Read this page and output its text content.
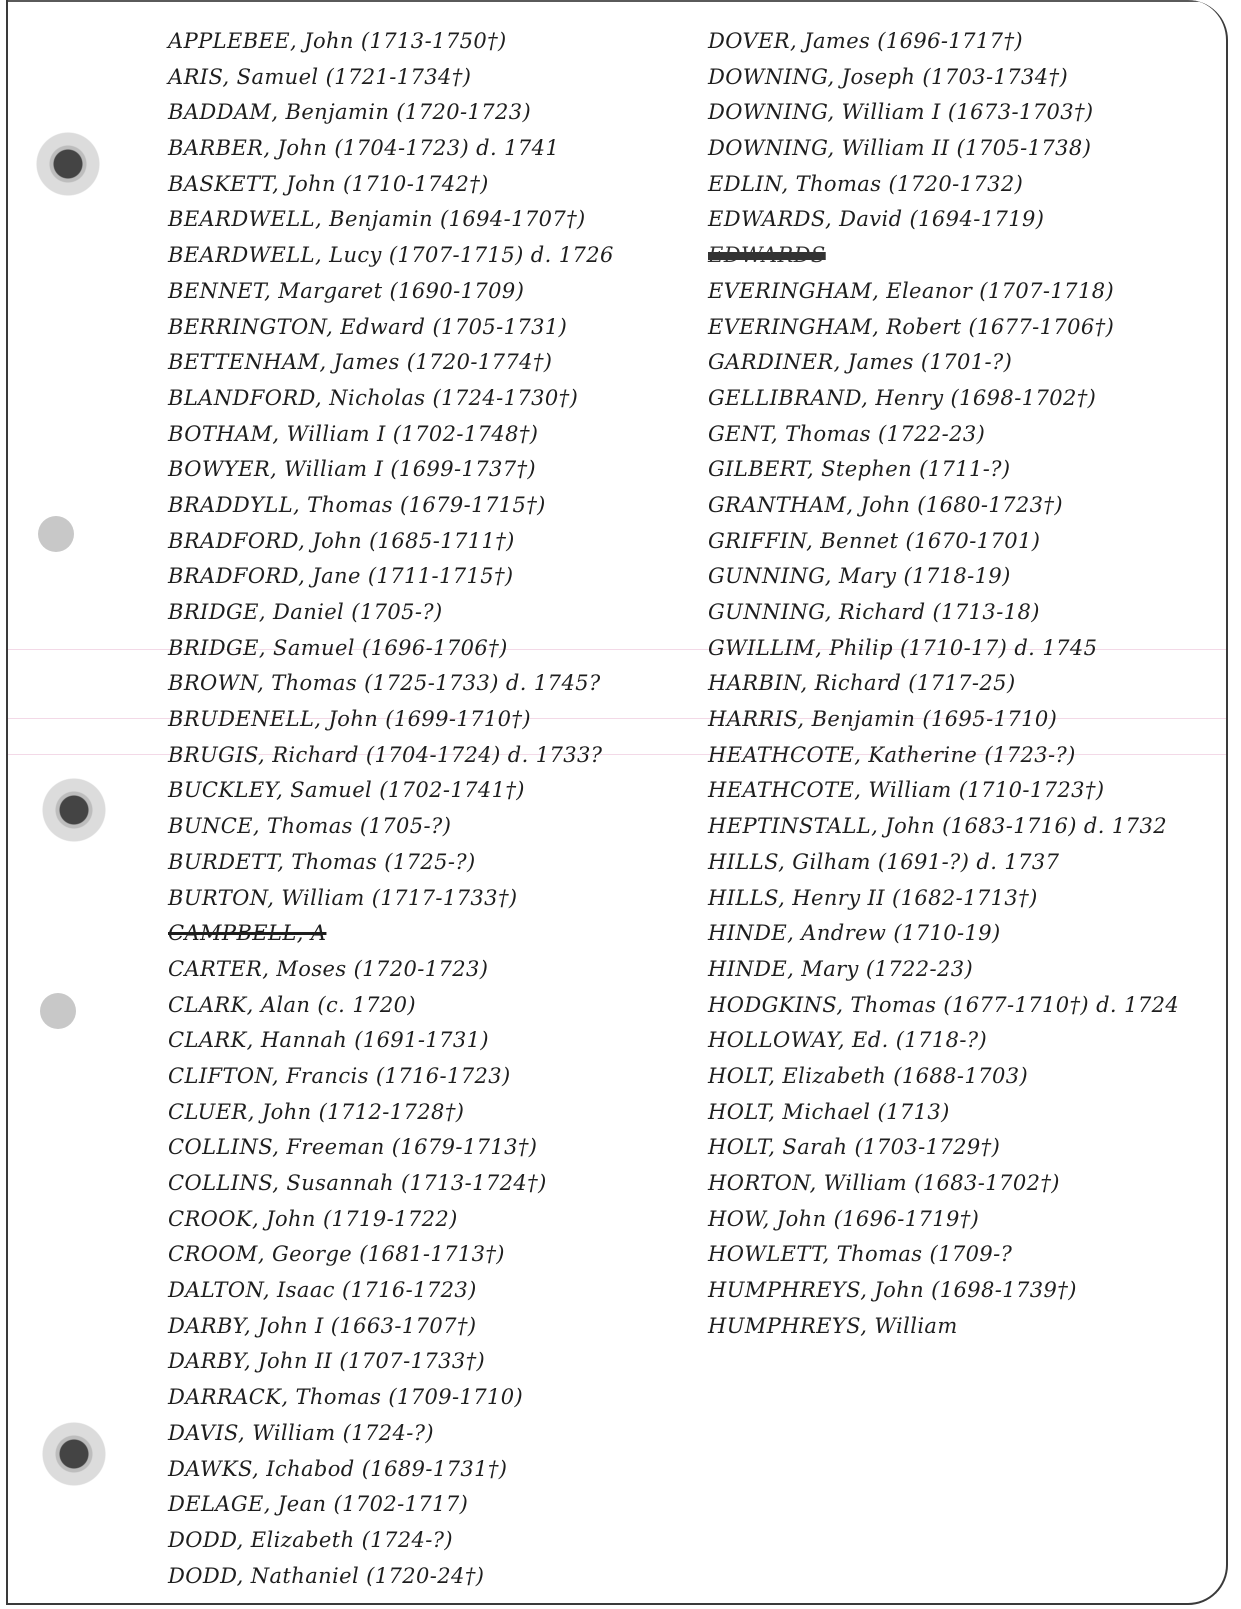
APPLEBEE, John (1713-1750†)
ARIS, Samuel (1721-1734†)
BADDAM, Benjamin (1720-1723)
BARBER, John (1704-1723) d. 1741
BASKETT, John (1710-1742†)
BEARDWELL, Benjamin (1694-1707†)
BEARDWELL, Lucy (1707-1715) d. 1726
BENNET, Margaret (1690-1709)
BERRINGTON, Edward (1705-1731)
BETTENHAM, James (1720-1774†)
BLANDFORD, Nicholas (1724-1730†)
BOTHAM, William I (1702-1748†)
BOWYER, William I (1699-1737†)
BRADDYLL, Thomas (1679-1715†)
BRADFORD, John (1685-1711†)
BRADFORD, Jane (1711-1715†)
BRIDGE, Daniel (1705-?)
BRIDGE, Samuel (1696-1706†)
BROWN, Thomas (1725-1733) d. 1745?
BRUDENELL, John (1699-1710†)
BRUGIS, Richard (1704-1724) d. 1733?
BUCKLEY, Samuel (1702-1741†)
BUNCE, Thomas (1705-?)
BURDETT, Thomas (1725-?)
BURTON, William (1717-1733†)
CAMPBELL, A
CARTER, Moses (1720-1723)
CLARK, Alan (c. 1720)
CLARK, Hannah (1691-1731)
CLIFTON, Francis (1716-1723)
CLUER, John (1712-1728†)
COLLINS, Freeman (1679-1713†)
COLLINS, Susannah (1713-1724†)
CROOK, John (1719-1722)
CROOM, George (1681-1713†)
DALTON, Isaac (1716-1723)
DARBY, John I (1663-1707†)
DARBY, John II (1707-1733†)
DARRACK, Thomas (1709-1710)
DAVIS, William (1724-?)
DAWKS, Ichabod (1689-1731†)
DELAGE, Jean (1702-1717)
DODD, Elizabeth (1724-?)
DODD, Nathaniel (1720-24†)
DOVER, James (1696-1717†)
DOWNING, Joseph (1703-1734†)
DOWNING, William I (1673-1703†)
DOWNING, William II (1705-1738)
EDLIN, Thomas (1720-1732)
EDWARDS, David (1694-1719)
EDWARDS
EVERINGHAM, Eleanor (1707-1718)
EVERINGHAM, Robert (1677-1706†)
GARDINER, James (1701-?)
GELLIBRAND, Henry (1698-1702†)
GENT, Thomas (1722-23)
GILBERT, Stephen (1711-?)
GRANTHAM, John (1680-1723†)
GRIFFIN, Bennet (1670-1701)
GUNNING, Mary (1718-19)
GUNNING, Richard (1713-18)
GWILLIM, Philip (1710-17) d. 1745
HARBIN, Richard (1717-25)
HARRIS, Benjamin (1695-1710)
HEATHCOTE, Katherine (1723-?)
HEATHCOTE, William (1710-1723†)
HEPTINSTALL, John (1683-1716) d. 1732
HILLS, Gilham (1691-?) d. 1737
HILLS, Henry II (1682-1713†)
HINDE, Andrew (1710-19)
HINDE, Mary (1722-23)
HODGKINS, Thomas (1677-1710†) d. 1724
HOLLOWAY, Ed. (1718-?)
HOLT, Elizabeth (1688-1703)
HOLT, Michael (1713)
HOLT, Sarah (1703-1729†)
HORTON, William (1683-1702†)
HOW, John (1696-1719†)
HOWLETT, Thomas (1709-?
HUMPHREYS, John (1698-1739†)
HUMPHREYS, William
